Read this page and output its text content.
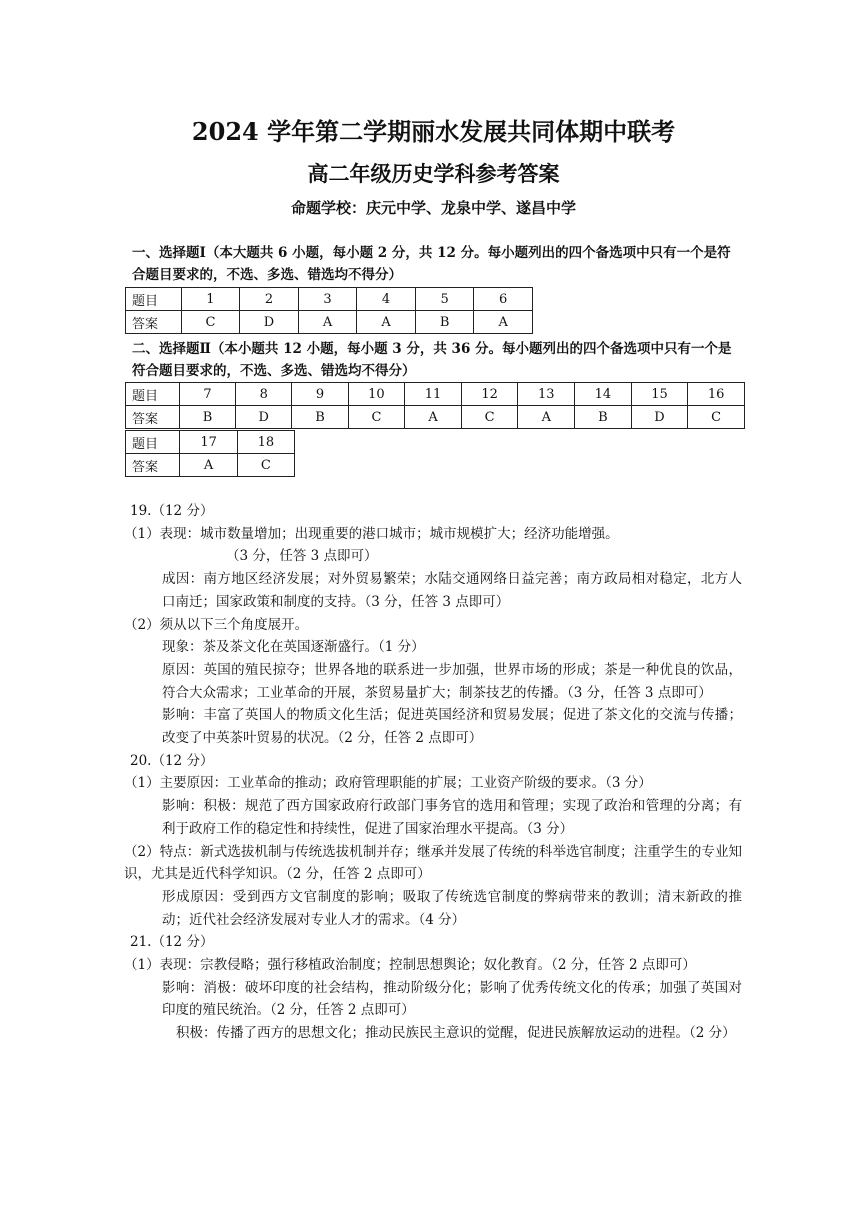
2024 学年第二学期丽水发展共同体期中联考
高二年级历史学科参考答案
命题学校：庆元中学、龙泉中学、遂昌中学
一、选择题Ⅰ（本大题共 6 小题，每小题 2 分，共 12 分。每小题列出的四个备选项中只有一个是符合题目要求的，不选、多选、错选均不得分）
题目	1	2	3	4	5	6
答案	C	D	A	A	B	A
二、选择题Ⅱ（本小题共 12 小题，每小题 3 分，共 36 分。每小题列出的四个备选项中只有一个是符合题目要求的，不选、多选、错选均不得分）
题目	7	8	9	10	11	12	13	14	15	16
答案	B	D	B	C	A	C	A	B	D	C
题目	17	18
答案	A	C
19.（12 分）
（1）表现：城市数量增加；出现重要的港口城市；城市规模扩大；经济功能增强。
（3 分，任答 3 点即可）
成因：南方地区经济发展；对外贸易繁荣；水陆交通网络日益完善；南方政局相对稳定，北方人口南迁；国家政策和制度的支持。（3 分，任答 3 点即可）
（2）须从以下三个角度展开。
现象：茶及茶文化在英国逐渐盛行。（1 分）
原因：英国的殖民掠夺；世界各地的联系进一步加强，世界市场的形成；茶是一种优良的饮品，符合大众需求；工业革命的开展，茶贸易量扩大；制茶技艺的传播。（3 分，任答 3 点即可）
影响：丰富了英国人的物质文化生活；促进英国经济和贸易发展；促进了茶文化的交流与传播；改变了中英茶叶贸易的状况。（2 分，任答 2 点即可）
20.（12 分）
（1）主要原因：工业革命的推动；政府管理职能的扩展；工业资产阶级的要求。（3 分）
影响：积极：规范了西方国家政府行政部门事务官的选用和管理；实现了政治和管理的分离；有利于政府工作的稳定性和持续性，促进了国家治理水平提高。（3 分）
（2）特点：新式选拔机制与传统选拔机制并存；继承并发展了传统的科举选官制度；注重学生的专业知识，尤其是近代科学知识。（2 分，任答 2 点即可）
形成原因：受到西方文官制度的影响；吸取了传统选官制度的弊病带来的教训；清末新政的推动；近代社会经济发展对专业人才的需求。（4 分）
21.（12 分）
（1）表现：宗教侵略；强行移植政治制度；控制思想舆论；奴化教育。（2 分，任答 2 点即可）
影响：消极：破坏印度的社会结构，推动阶级分化；影响了优秀传统文化的传承；加强了英国对印度的殖民统治。（2 分，任答 2 点即可）
积极：传播了西方的思想文化；推动民族民主意识的觉醒，促进民族解放运动的进程。（2 分）
